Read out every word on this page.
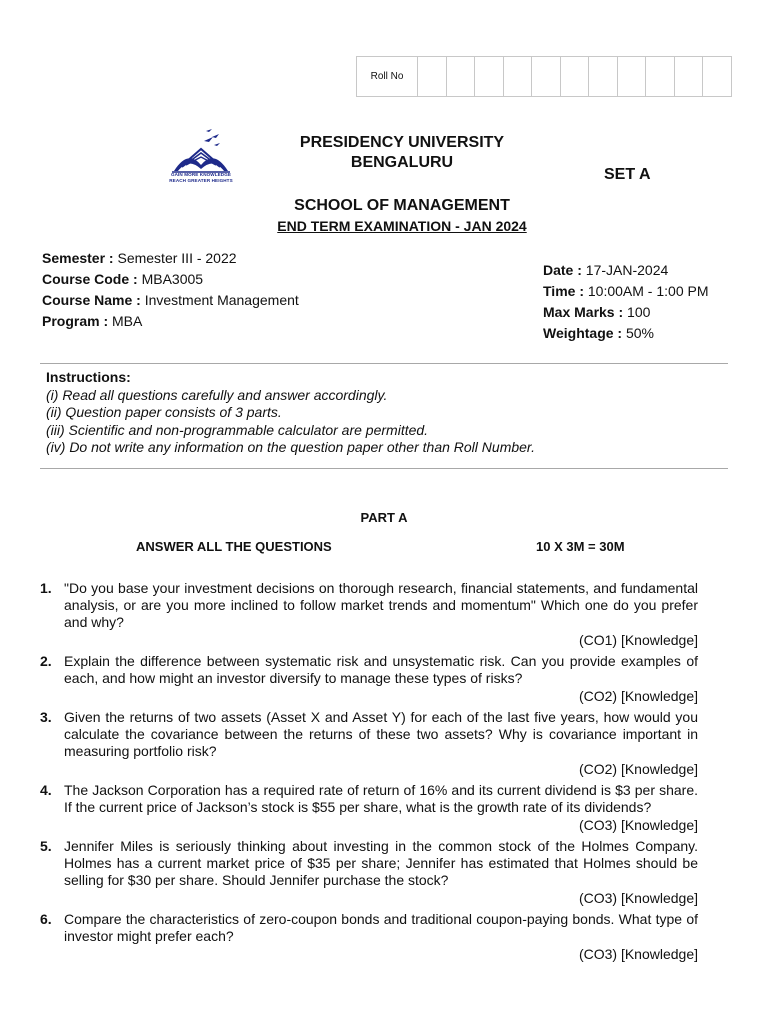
Roll No
GAIN MORE KNOWLEDGE
REACH GREATER HEIGHTS
PRESIDENCY UNIVERSITY
BENGALURU
SET A
SCHOOL OF MANAGEMENT
END TERM EXAMINATION - JAN 2024
Semester : Semester III - 2022
Course Code : MBA3005
Course Name : Investment Management
Program : MBA
Date : 17-JAN-2024
Time : 10:00AM - 1:00 PM
Max Marks : 100
Weightage : 50%
Instructions:
(i) Read all questions carefully and answer accordingly.
(ii) Question paper consists of 3 parts.
(iii) Scientific and non-programmable calculator are permitted.
(iv) Do not write any information on the question paper other than Roll Number.
PART A
ANSWER ALL THE QUESTIONS	10 X 3M = 30M
1. "Do you base your investment decisions on thorough research, financial statements, and fundamental analysis, or are you more inclined to follow market trends and momentum" Which one do you prefer and why?
(CO1) [Knowledge]
2. Explain the difference between systematic risk and unsystematic risk. Can you provide examples of each, and how might an investor diversify to manage these types of risks?
(CO2) [Knowledge]
3. Given the returns of two assets (Asset X and Asset Y) for each of the last five years, how would you calculate the covariance between the returns of these two assets? Why is covariance important in measuring portfolio risk?
(CO2) [Knowledge]
4. The Jackson Corporation has a required rate of return of 16% and its current dividend is $3 per share. If the current price of Jackson’s stock is $55 per share, what is the growth rate of its dividends?
(CO3) [Knowledge]
5. Jennifer Miles is seriously thinking about investing in the common stock of the Holmes Company. Holmes has a current market price of $35 per share; Jennifer has estimated that Holmes should be selling for $30 per share. Should Jennifer purchase the stock?
(CO3) [Knowledge]
6. Compare the characteristics of zero-coupon bonds and traditional coupon-paying bonds. What type of investor might prefer each?
(CO3) [Knowledge]
